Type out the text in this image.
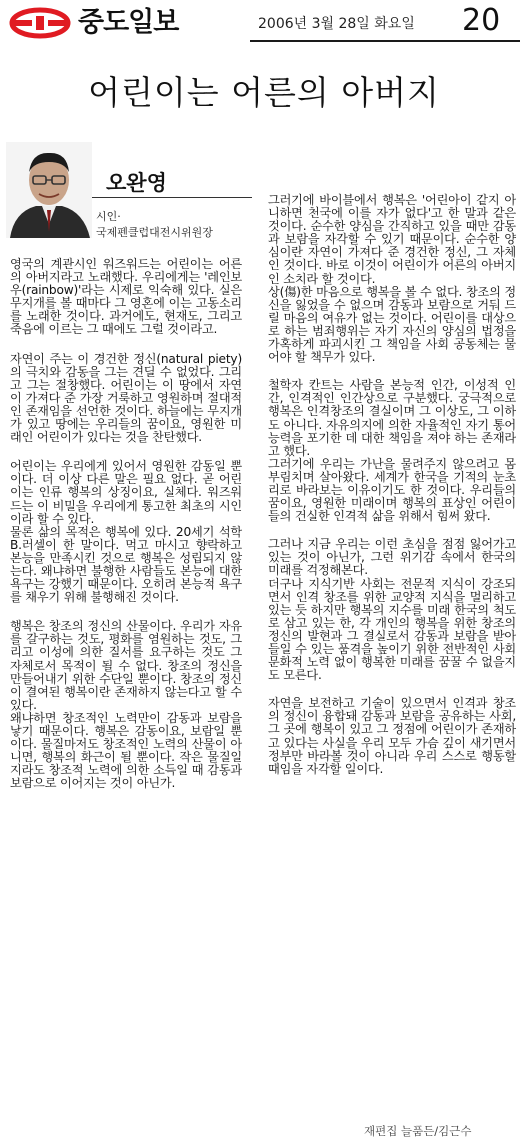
중도일보	2006년 3월 28일 화요일 20
어린이는 어른의 아버지
오완영
시인·
국제펜클럽대전시위원장

영국의 계관시인 워즈워드는 어린이는 어른의 아버지라고 노래했다. 우리에게는 '레인보우(rainbow)'라는 시제로 익숙해 있다. 실은 무지개를 볼 때마다 그 영혼에 이는 고동소리를 노래한 것이다. 과거에도, 현재도, 그리고 죽음에 이르는 그 때에도 그럴 것이라고.

자연이 주는 이 경건한 정신(natural piety)의 극치와 감동을 그는 견딜 수 없었다. 그리고 그는 절창했다. 어린이는 이 땅에서 자연이 가져다 준 가장 거룩하고 영원하며 절대적인 존재임을 선언한 것이다. 하늘에는 무지개가 있고 땅에는 우리들의 꿈이요, 영원한 미래인 어린이가 있다는 것을 찬탄했다.

어린이는 우리에게 있어서 영원한 감동일 뿐이다. 더 이상 다른 말은 필요 없다. 곧 어린이는 인류 행복의 상징이요, 실체다. 워즈워드는 이 비밀을 우리에게 통고한 최초의 시인이라 할 수 있다.
물론 삶의 목적은 행복에 있다. 20세기 석학 B.러셀이 한 말이다. 먹고 마시고 향락하고 본능을 만족시킨 것으로 행복은 성립되지 않는다. 왜냐하면 불행한 사람들도 본능에 대한 욕구는 강했기 때문이다. 오히려 본능적 욕구를 채우기 위해 불행해진 것이다.

행복은 창조의 정신의 산물이다. 우리가 자유를 갈구하는 것도, 평화를 염원하는 것도, 그리고 이성에 의한 질서를 요구하는 것도 그 자체로서 목적이 될 수 없다. 창조의 정신을 만들어내기 위한 수단일 뿐이다. 창조의 정신이 결여된 행복이란 존재하지 않는다고 할 수 있다.
왜냐하면 창조적인 노력만이 감동과 보람을 낳기 때문이다. 행복은 감동이요, 보람일 뿐이다. 물질마저도 창조적인 노력의 산물이 아니면, 행복의 화근이 될 뿐이다. 작은 물질일지라도 창조적 노력에 의한 소득일 때 감동과 보람으로 이어지는 것이 아닌가.

그러기에 바이블에서 행복은 '어린아이 같지 아니하면 천국에 이를 자가 없다'고 한 말과 같은 것이다. 순수한 양심을 간직하고 있을 때만 감동과 보람을 자각할 수 있기 때문이다. 순수한 양심이란 자연이 가져다 준 경건한 정신, 그 자체인 것이다. 바로 이것이 어린이가 어른의 아버지인 소치라 할 것이다.
상(傷)한 마음으로 행복을 볼 수 없다. 창조의 정신을 잃었을 수 없으며 감동과 보람으로 거둬 드릴 마음의 여유가 없는 것이다. 어린이를 대상으로 하는 범죄행위는 자기 자신의 양심의 법정을 가혹하게 파괴시킨 그 책임을 사회 공동체는 물어야 할 책무가 있다.

철학자 칸트는 사람을 본능적 인간, 이성적 인간, 인격적인 인간상으로 구분했다. 궁극적으로 행복은 인격창조의 결실이며 그 이상도, 그 이하도 아니다. 자유의지에 의한 자율적인 자기 통어능력을 포기한 데 대한 책임을 져야 하는 존재라고 했다.
그러기에 우리는 가난을 물려주지 않으려고 몸부림치며 살아왔다. 세계가 한국을 기적의 눈초리로 바라보는 이유이기도 한 것이다. 우리들의 꿈이요, 영원한 미래이며 행복의 표상인 어린이들의 건실한 인격적 삶을 위해서 힘써 왔다.

그러나 지금 우리는 이런 초심을 점점 잃어가고 있는 것이 아닌가, 그런 위기감 속에서 한국의 미래를 걱정해본다.
더구나 지식기반 사회는 전문적 지식이 강조되면서 인격 창조를 위한 교양적 지식을 멀리하고 있는 듯 하지만 행복의 지수를 미래 한국의 척도로 삼고 있는 한, 각 개인의 행복을 위한 창조의 정신의 발현과 그 결실로서 감동과 보람을 받아들일 수 있는 품격을 높이기 위한 전반적인 사회 문화적 노력 없이 행복한 미래를 꿈꿀 수 없을지도 모른다.

자연을 보전하고 기술이 있으면서 인격과 창조의 정신이 융합돼 감동과 보람을 공유하는 사회, 그 곳에 행복이 있고 그 정점에 어린이가 존재하고 있다는 사실을 우리 모두 가슴 깊이 새기면서 정부만 바라볼 것이 아니라 우리 스스로 행동할 때임을 자각할 일이다.

재편집 늘품든/김근수
